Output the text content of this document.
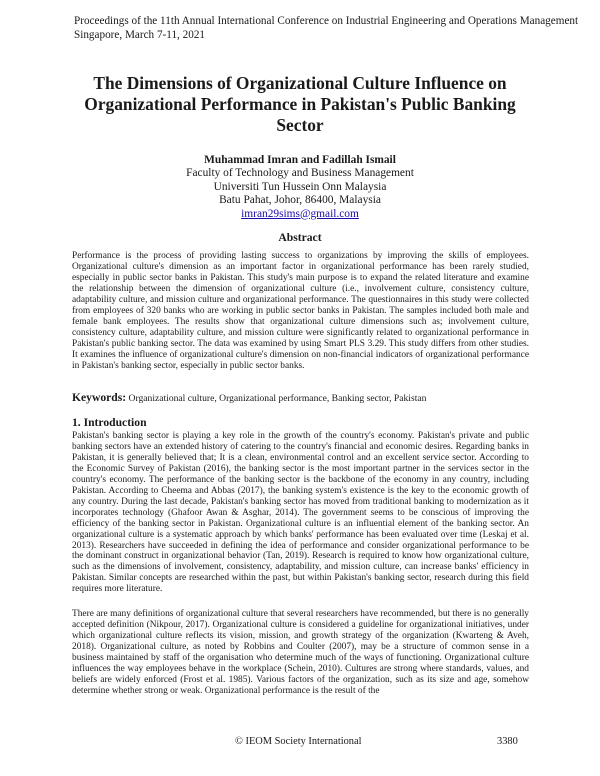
Proceedings of the 11th Annual International Conference on Industrial Engineering and Operations Management
Singapore, March 7-11, 2021
The Dimensions of Organizational Culture Influence on Organizational Performance in Pakistan's Public Banking Sector
Muhammad Imran and Fadillah Ismail
Faculty of Technology and Business Management
Universiti Tun Hussein Onn Malaysia
Batu Pahat, Johor, 86400, Malaysia
imran29sims@gmail.com
Abstract

Performance is the process of providing lasting success to organizations by improving the skills of employees. Organizational culture's dimension as an important factor in organizational performance has been rarely studied, especially in public sector banks in Pakistan. This study's main purpose is to expand the related literature and examine the relationship between the dimension of organizational culture (i.e., involvement culture, consistency culture, adaptability culture, and mission culture and organizational performance. The questionnaires in this study were collected from employees of 320 banks who are working in public sector banks in Pakistan. The samples included both male and female bank employees. The results show that organizational culture dimensions such as; involvement culture, consistency culture, adaptability culture, and mission culture were significantly related to organizational performance in Pakistan's public banking sector. The data was examined by using Smart PLS 3.29. This study differs from other studies. It examines the influence of organizational culture's dimension on non-financial indicators of organizational performance in Pakistan's banking sector, especially in public sector banks.

Keywords: Organizational culture, Organizational performance, Banking sector, Pakistan
1. Introduction

Pakistan's banking sector is playing a key role in the growth of the country's economy. Pakistan's private and public banking sectors have an extended history of catering to the country's financial and economic desires. Regarding banks in Pakistan, it is generally believed that; It is a clean, environmental control and an excellent service sector. According to the Economic Survey of Pakistan (2016), the banking sector is the most important partner in the services sector in the country's economy. The performance of the banking sector is the backbone of the economy in any country, including Pakistan. According to Cheema and Abbas (2017), the banking system's existence is the key to the economic growth of any country. During the last decade, Pakistan's banking sector has moved from traditional banking to modernization as it incorporates technology (Ghafoor Awan & Asghar, 2014). The government seems to be conscious of improving the efficiency of the banking sector in Pakistan. Organizational culture is an influential element of the banking sector. An organizational culture is a systematic approach by which banks' performance has been evaluated over time (Leskaj et al. 2013). Researchers have succeeded in defining the idea of performance and consider organizational performance to be the dominant construct in organizational behavior (Tan, 2019). Research is required to know how organizational culture, such as the dimensions of involvement, consistency, adaptability, and mission culture, can increase banks' efficiency in Pakistan. Similar concepts are researched within the past, but within Pakistan's banking sector, research during this field requires more literature.

There are many definitions of organizational culture that several researchers have recommended, but there is no generally accepted definition (Nikpour, 2017). Organizational culture is considered a guideline for organizational initiatives, under which organizational culture reflects its vision, mission, and growth strategy of the organization (Kwarteng & Aveh, 2018). Organizational culture, as noted by Robbins and Coulter (2007), may be a structure of common sense in a business maintained by staff of the organisation who determine much of the ways of functioning. Organizational culture influences the way employees behave in the workplace (Schein, 2010). Cultures are strong where standards, values, and beliefs are widely enforced (Frost et al. 1985). Various factors of the organization, such as its size and age, somehow determine whether strong or weak. Organizational performance is the result of the

© IEOM Society International	3380
